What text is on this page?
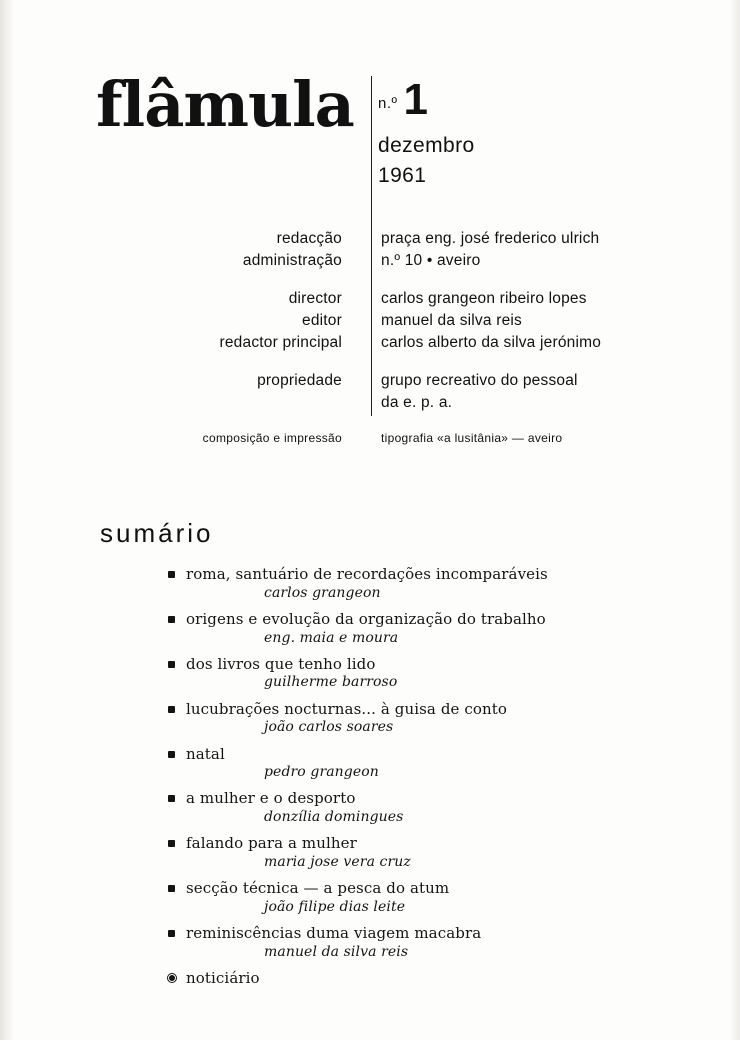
flâmula n.º 1
dezembro
1961
redacção
administração
praça eng. josé frederico ulrich
n.º 10 • aveiro
director
editor
redactor principal
carlos grangeon ribeiro lopes
manuel da silva reis
carlos alberto da silva jerónimo
propriedade	grupo recreativo do pessoal
da e. p. a.
composição e impressão	tipografia «a lusitânia» — aveiro
sumário
roma, santuário de recordações incomparáveis
carlos grangeon
origens e evolução da organização do trabalho
eng. maia e moura
dos livros que tenho lido
guilherme barroso
lucubrações nocturnas... à guisa de conto
joão carlos soares
natal
pedro grangeon
a mulher e o desporto
donzília domingues
falando para a mulher
maria jose vera cruz
secção técnica — a pesca do atum
joão filipe dias leite
reminiscências duma viagem macabra
manuel da silva reis
noticiário
